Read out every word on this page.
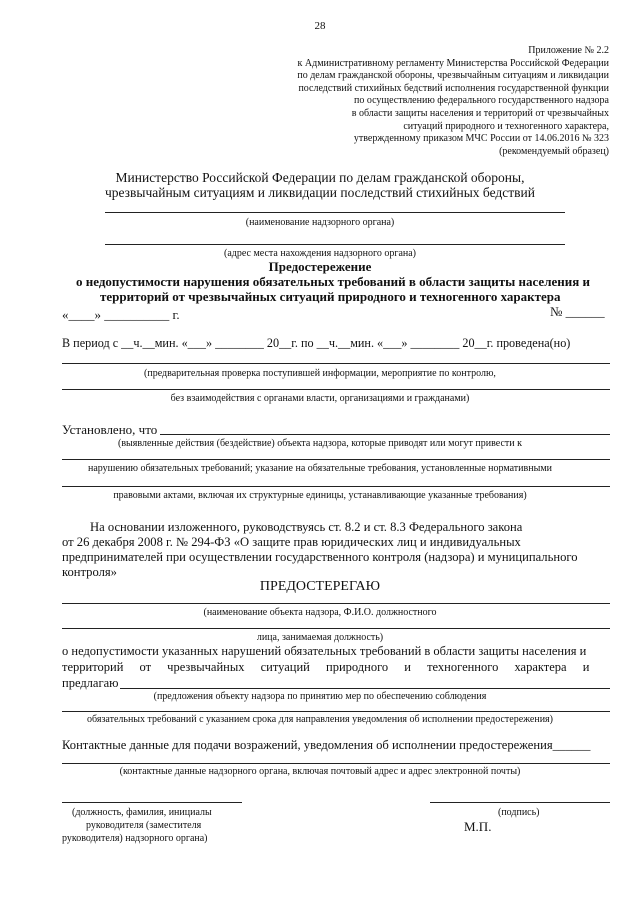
28
Приложение № 2.2
к Административному регламенту Министерства Российской Федерации
по делам гражданской обороны, чрезвычайным ситуациям и ликвидации
последствий стихийных бедствий исполнения государственной функции
по осуществлению федерального государственного надзора
в области защиты населения и территорий от чрезвычайных
ситуаций природного и техногенного характера,
утвержденному приказом МЧС России от 14.06.2016 № 323
(рекомендуемый образец)
Министерство Российской Федерации по делам гражданской обороны,
чрезвычайным ситуациям и ликвидации последствий стихийных бедствий
(наименование надзорного органа)
(адрес места нахождения надзорного органа)
Предостережение
о недопустимости нарушения обязательных требований в области защиты населения и
территорий от чрезвычайных ситуаций природного и техногенного характера
«____» __________ г.	№ ______
В период с __ч.__мин. «___» ________ 20__г. по __ч.__мин. «___» ________ 20__г. проведена(но)
(предварительная проверка поступившей информации, мероприятие по контролю,
без взаимодействия с органами власти, организациями и гражданами)
Установлено, что
(выявленные действия (бездействие) объекта надзора, которые приводят или могут привести к
нарушению обязательных требований; указание на обязательные требования, установленные нормативными
правовыми актами, включая их структурные единицы, устанавливающие указанные требования)
На основании изложенного, руководствуясь ст. 8.2 и ст. 8.3 Федерального закона
от 26 декабря 2008 г. № 294-ФЗ «О защите прав юридических лиц и индивидуальных
предпринимателей при осуществлении государственного контроля (надзора) и муниципального
контроля»
ПРЕДОСТЕРЕГАЮ
(наименование объекта надзора, Ф.И.О. должностного
лица, занимаемая должность)
о недопустимости указанных нарушений обязательных требований в области защиты населения и
территорий от чрезвычайных ситуаций природного и техногенного характера и
предлагаю
(предложения объекту надзора по принятию мер по обеспечению соблюдения
обязательных требований с указанием срока для направления уведомления об исполнении предостережения)
Контактные данные для подачи возражений, уведомления об исполнении предостережения______
(контактные данные надзорного органа, включая почтовый адрес и адрес электронной почты)
(должность, фамилия, инициалы
руководителя (заместителя
руководителя) надзорного органа)
(подпись)
М.П.
